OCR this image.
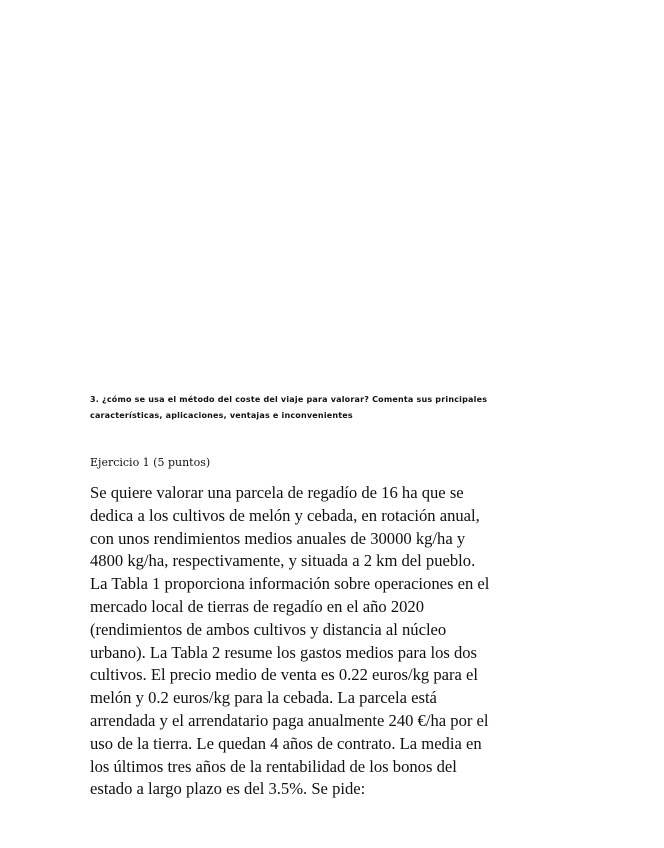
3. ¿cómo se usa el método del coste del viaje para valorar? Comenta sus principales
características, aplicaciones, ventajas e inconvenientes

Ejercicio 1 (5 puntos)

Se quiere valorar una parcela de regadío de 16 ha que se
dedica a los cultivos de melón y cebada, en rotación anual,
con unos rendimientos medios anuales de 30000 kg/ha y
4800 kg/ha, respectivamente, y situada a 2 km del pueblo.
La Tabla 1 proporciona información sobre operaciones en el
mercado local de tierras de regadío en el año 2020
(rendimientos de ambos cultivos y distancia al núcleo
urbano). La Tabla 2 resume los gastos medios para los dos
cultivos. El precio medio de venta es 0.22 euros/kg para el
melón y 0.2 euros/kg para la cebada. La parcela está
arrendada y el arrendatario paga anualmente 240 €/ha por el
uso de la tierra. Le quedan 4 años de contrato. La media en
los últimos tres años de la rentabilidad de los bonos del
estado a largo plazo es del 3.5%. Se pide:
